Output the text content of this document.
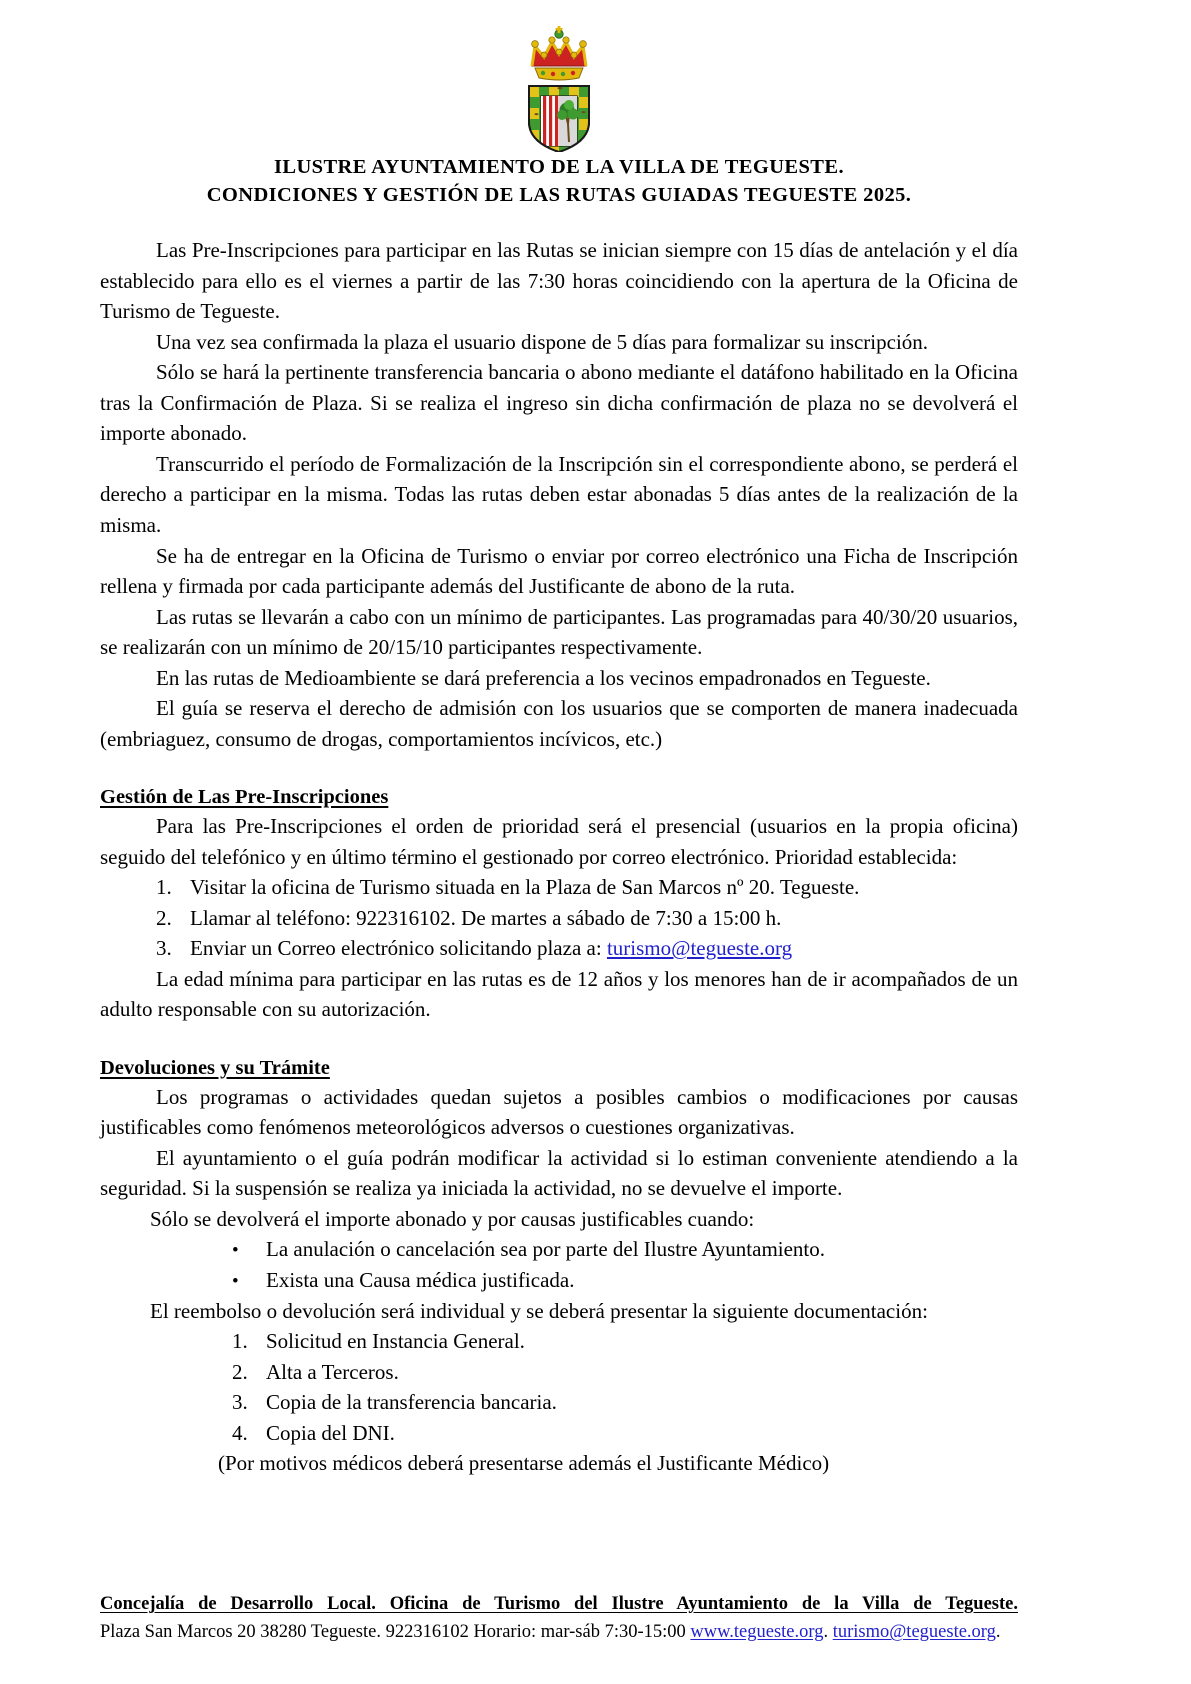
ILUSTRE AYUNTAMIENTO DE LA VILLA DE TEGUESTE.
CONDICIONES Y GESTIÓN DE LAS RUTAS GUIADAS TEGUESTE 2025.

Las Pre-Inscripciones para participar en las Rutas se inician siempre con 15 días de antelación y el día establecido para ello es el viernes a partir de las 7:30 horas coincidiendo con la apertura de la Oficina de Turismo de Tegueste.

Una vez sea confirmada la plaza el usuario dispone de 5 días para formalizar su inscripción.

Sólo se hará la pertinente transferencia bancaria o abono mediante el datáfono habilitado en la Oficina tras la Confirmación de Plaza. Si se realiza el ingreso sin dicha confirmación de plaza no se devolverá el importe abonado.

Transcurrido el período de Formalización de la Inscripción sin el correspondiente abono, se perderá el derecho a participar en la misma. Todas las rutas deben estar abonadas 5 días antes de la realización de la misma.

Se ha de entregar en la Oficina de Turismo o enviar por correo electrónico una Ficha de Inscripción rellena y firmada por cada participante además del Justificante de abono de la ruta.

Las rutas se llevarán a cabo con un mínimo de participantes. Las programadas para 40/30/20 usuarios, se realizarán con un mínimo de 20/15/10 participantes respectivamente.

En las rutas de Medioambiente se dará preferencia a los vecinos empadronados en Tegueste.

El guía se reserva el derecho de admisión con los usuarios que se comporten de manera inadecuada (embriaguez, consumo de drogas, comportamientos incívicos, etc.)

Gestión de Las Pre-Inscripciones

Para las Pre-Inscripciones el orden de prioridad será el presencial (usuarios en la propia oficina) seguido del telefónico y en último término el gestionado por correo electrónico. Prioridad establecida:

1. Visitar la oficina de Turismo situada en la Plaza de San Marcos nº 20. Tegueste.
2. Llamar al teléfono: 922316102. De martes a sábado de 7:30 a 15:00 h.
3. Enviar un Correo electrónico solicitando plaza a: turismo@tegueste.org

La edad mínima para participar en las rutas es de 12 años y los menores han de ir acompañados de un adulto responsable con su autorización.

Devoluciones y su Trámite

Los programas o actividades quedan sujetos a posibles cambios o modificaciones por causas justificables como fenómenos meteorológicos adversos o cuestiones organizativas.

El ayuntamiento o el guía podrán modificar la actividad si lo estiman conveniente atendiendo a la seguridad. Si la suspensión se realiza ya iniciada la actividad, no se devuelve el importe.

Sólo se devolverá el importe abonado y por causas justificables cuando:

•	La anulación o cancelación sea por parte del Ilustre Ayuntamiento.
•	Exista una Causa médica justificada.

El reembolso o devolución será individual y se deberá presentar la siguiente documentación:

1. Solicitud en Instancia General.
2. Alta a Terceros.
3. Copia de la transferencia bancaria.
4. Copia del DNI.

(Por motivos médicos deberá presentarse además el Justificante Médico)

Concejalía de Desarrollo Local. Oficina de Turismo del Ilustre Ayuntamiento de la Villa de Tegueste.

Plaza San Marcos 20 38280 Tegueste. 922316102 Horario: mar-sáb 7:30-15:00 www.tegueste.org. turismo@tegueste.org.
